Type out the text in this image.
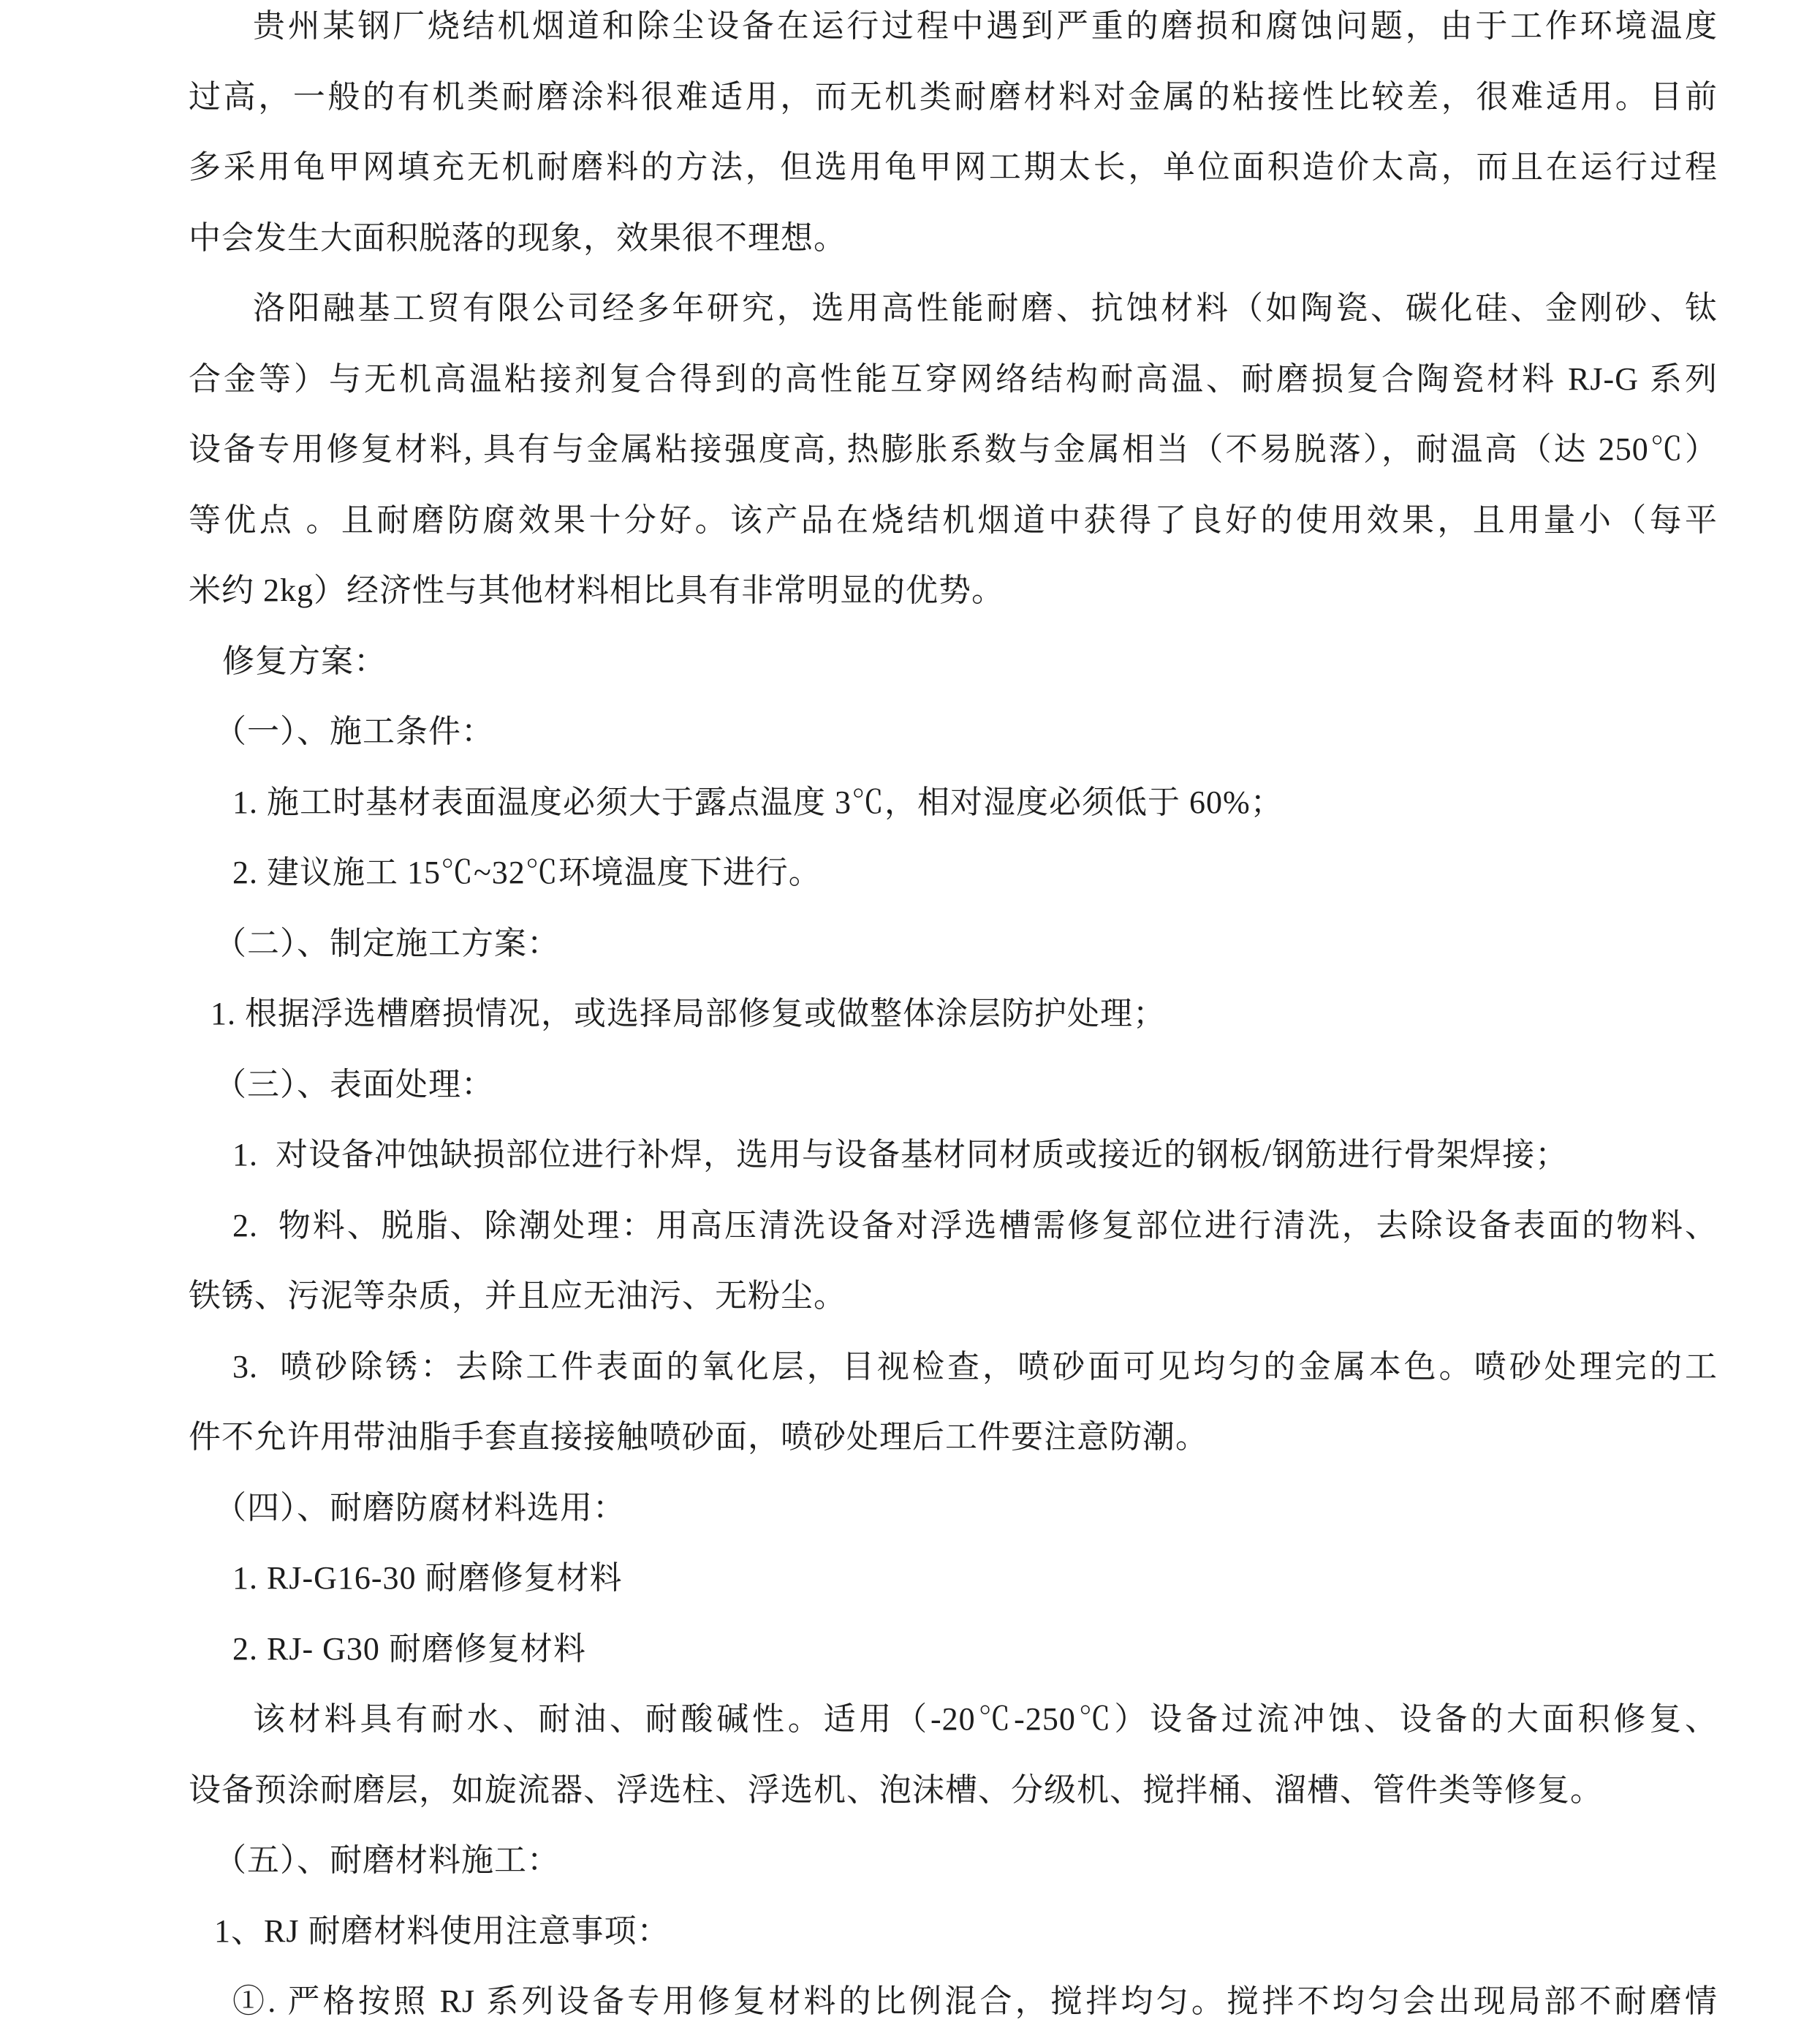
贵州某钢厂烧结机烟道和除尘设备在运行过程中遇到严重的磨损和腐蚀问题，由于工作环境温度
过高，一般的有机类耐磨涂料很难适用，而无机类耐磨材料对金属的粘接性比较差，很难适用。目前
多采用龟甲网填充无机耐磨料的方法，但选用龟甲网工期太长，单位面积造价太高，而且在运行过程
中会发生大面积脱落的现象，效果很不理想。
洛阳融基工贸有限公司经多年研究，选用高性能耐磨、抗蚀材料（如陶瓷、碳化硅、金刚砂、钛
合金等）与无机高温粘接剂复合得到的高性能互穿网络结构耐高温、耐磨损复合陶瓷材料 RJ-G 系列
设备专用修复材料, 具有与金属粘接强度高, 热膨胀系数与金属相当（不易脱落），耐温高（达 250℃）
等优点 。且耐磨防腐效果十分好。该产品在烧结机烟道中获得了良好的使用效果，且用量小（每平
米约 2kg）经济性与其他材料相比具有非常明显的优势。
修复方案：
（一）、施工条件：
1. 施工时基材表面温度必须大于露点温度 3℃，相对湿度必须低于 60%；
2. 建议施工 15℃~32℃环境温度下进行。
（二）、制定施工方案：
1. 根据浮选槽磨损情况，或选择局部修复或做整体涂层防护处理；
（三）、表面处理：
1.  对设备冲蚀缺损部位进行补焊，选用与设备基材同材质或接近的钢板/钢筋进行骨架焊接；
2.  物料、脱脂、除潮处理：用高压清洗设备对浮选槽需修复部位进行清洗，去除设备表面的物料、
铁锈、污泥等杂质，并且应无油污、无粉尘。
3.  喷砂除锈：去除工件表面的氧化层，目视检查，喷砂面可见均匀的金属本色。喷砂处理完的工
件不允许用带油脂手套直接接触喷砂面，喷砂处理后工件要注意防潮。
（四）、耐磨防腐材料选用：
1. RJ-G16-30 耐磨修复材料
2. RJ- G30 耐磨修复材料
该材料具有耐水、耐油、耐酸碱性。适用（-20℃-250℃）设备过流冲蚀、设备的大面积修复、
设备预涂耐磨层，如旋流器、浮选柱、浮选机、泡沫槽、分级机、搅拌桶、溜槽、管件类等修复。
（五）、耐磨材料施工：
1、RJ 耐磨材料使用注意事项：
①. 严格按照 RJ 系列设备专用修复材料的比例混合，搅拌均匀。搅拌不均匀会出现局部不耐磨情
